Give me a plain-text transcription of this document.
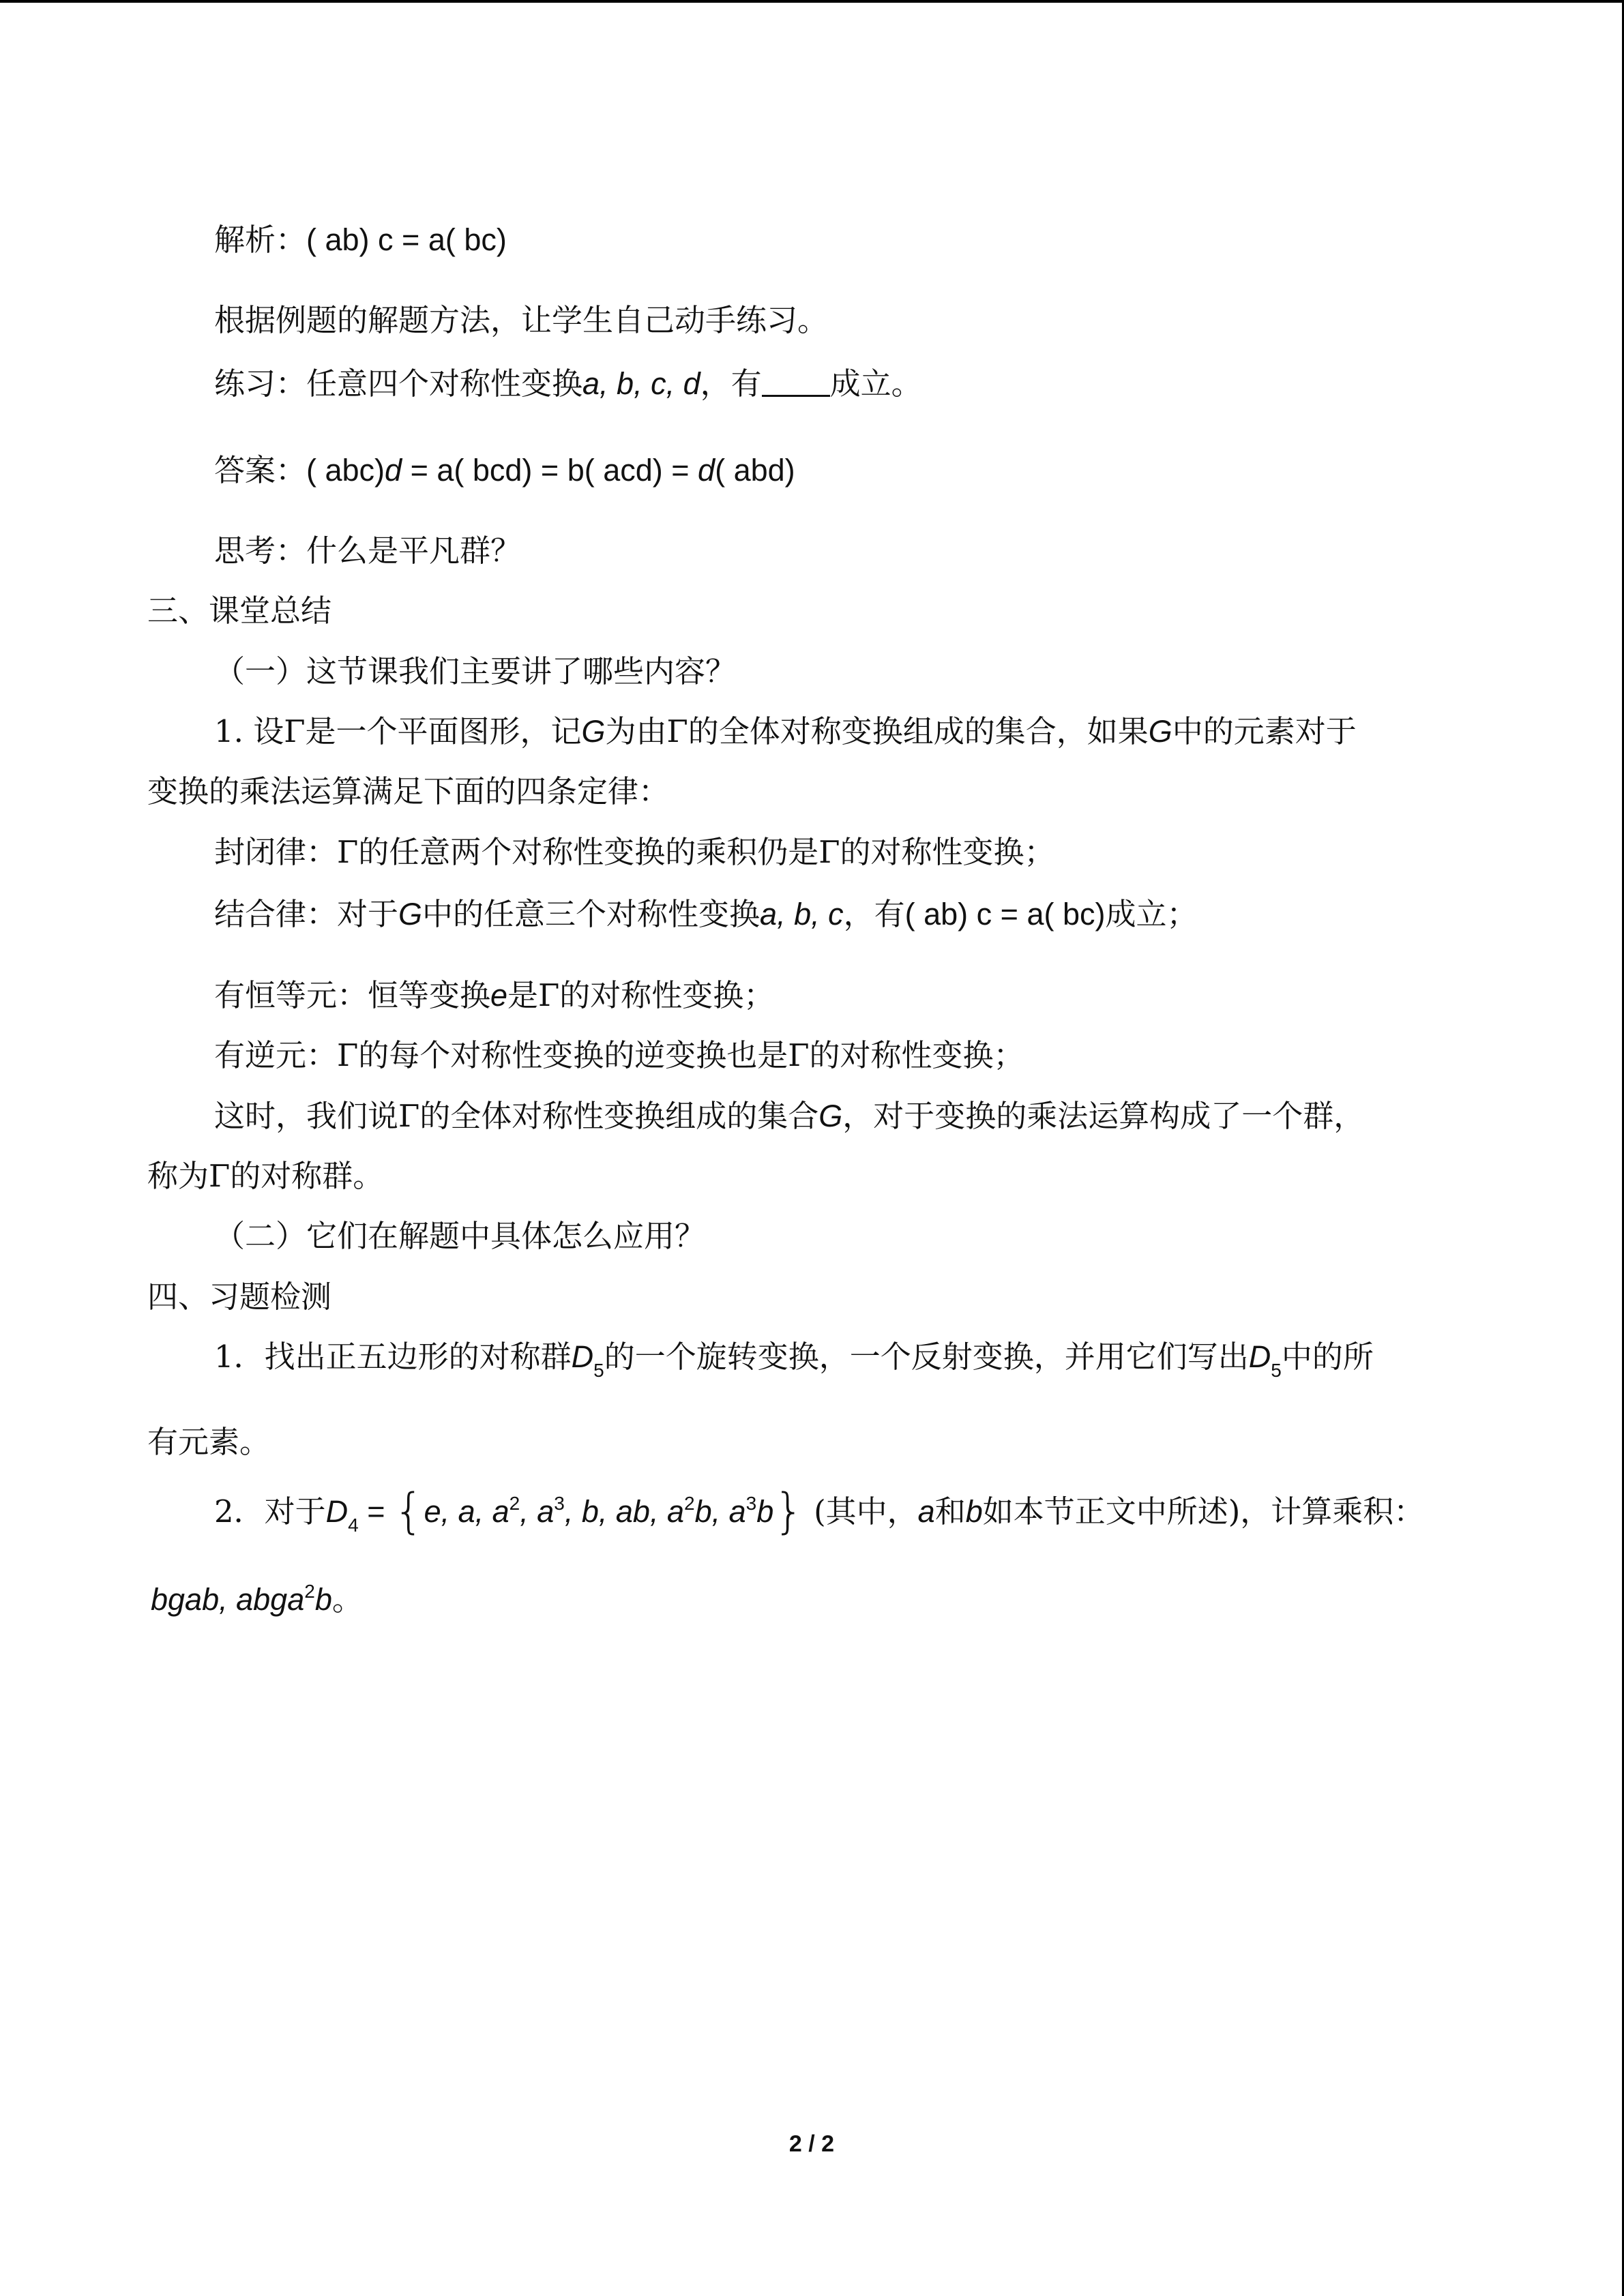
解析：( ab) c = a( bc)
根据例题的解题方法，让学生自己动手练习。
练习：任意四个对称性变换a, b, c, d，有 成立。
答案：( abc)d = a( bcd) = b( acd) = d( abd)
思考：什么是平凡群？
三、课堂总结
（一）这节课我们主要讲了哪些内容？
1. 设Γ是一个平面图形，记G为由Γ的全体对称变换组成的集合，如果G中的元素对于
变换的乘法运算满足下面的四条定律：
封闭律：Γ的任意两个对称性变换的乘积仍是Γ的对称性变换；
结合律：对于G中的任意三个对称性变换a, b, c，有( ab) c = a( bc)成立；
有恒等元：恒等变换e是Γ的对称性变换；
有逆元：Γ的每个对称性变换的逆变换也是Γ的对称性变换；
这时，我们说Γ的全体对称性变换组成的集合G，对于变换的乘法运算构成了一个群，
称为Γ的对称群。
（二）它们在解题中具体怎么应用？
四、习题检测
1．找出正五边形的对称群$D_5$的一个旋转变换，一个反射变换，并用它们写出$D_5$中的所
有元素。
2．对于$D_4 = \{e$, a, $a^2$, $a^3$, b, ab, $a^2b$, $a^3b$} (其中，a和b如本节正文中所述)，计算乘积：
bgab, abga$^2$b。
2 / 2
